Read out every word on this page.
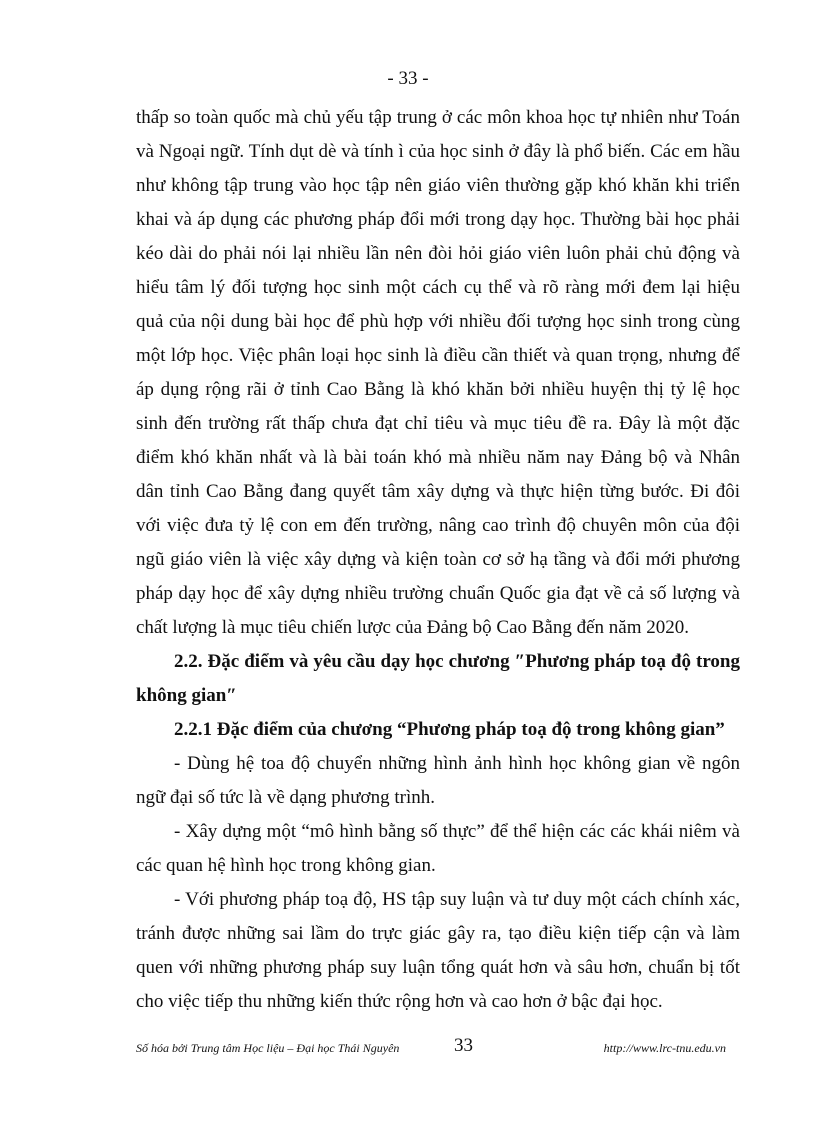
- 33 -

thấp so toàn quốc mà chủ yếu tập trung ở các môn khoa học tự nhiên như Toán và Ngoại ngữ. Tính dụt dè và tính ì của học sinh ở đây là phổ biến. Các em hầu như không tập trung vào học tập nên giáo viên thường gặp khó khăn khi triển khai và áp dụng các phương pháp đổi mới trong dạy học. Thường bài học phải kéo dài do phải nói lại nhiều lần nên đòi hỏi giáo viên luôn phải chủ động và hiểu tâm lý đối tượng học sinh một cách cụ thể và rõ ràng mới đem lại hiệu quả của nội dung bài học để phù hợp với nhiều đối tượng học sinh trong cùng một lớp học. Việc phân loại học sinh là điều cần thiết và quan trọng, nhưng để áp dụng rộng rãi ở tỉnh Cao Bằng là khó khăn bởi nhiều huyện thị tỷ lệ học sinh đến trường rất thấp chưa đạt chỉ tiêu và mục tiêu đề ra. Đây là một đặc điểm khó khăn nhất và là bài toán khó mà nhiều năm nay Đảng bộ và Nhân dân tỉnh Cao Bằng đang quyết tâm xây dựng và thực hiện từng bước. Đi đôi với việc đưa tỷ lệ con em đến trường, nâng cao trình độ chuyên môn của đội ngũ giáo viên là việc xây dựng và kiện toàn cơ sở hạ tầng và đổi mới phương pháp dạy học để xây dựng nhiều trường chuẩn Quốc gia đạt về cả số lượng và chất lượng là mục tiêu chiến lược của Đảng bộ Cao Bằng đến năm 2020.

2.2. Đặc điểm và yêu cầu dạy học chương ″Phương pháp toạ độ trong không gian″

2.2.1 Đặc điểm của chương “Phương pháp toạ độ trong không gian”

- Dùng hệ toa độ chuyển những hình ảnh hình học không gian về ngôn ngữ đại số tức là về dạng phương trình.

- Xây dựng một “mô hình bằng số thực” để thể hiện các các khái niêm và các quan hệ hình học trong không gian.

- Với phương pháp toạ độ, HS tập suy luận và tư duy một cách chính xác, tránh được những sai lầm do trực giác gây ra, tạo điều kiện tiếp cận và làm quen với những phương pháp suy luận tổng quát hơn và sâu hơn, chuẩn bị tốt cho việc tiếp thu những kiến thức rộng hơn và cao hơn ở bậc đại học.

Số hóa bởi Trung tâm Học liệu – Đại học Thái Nguyên	33	http://www.lrc-tnu.edu.vn
